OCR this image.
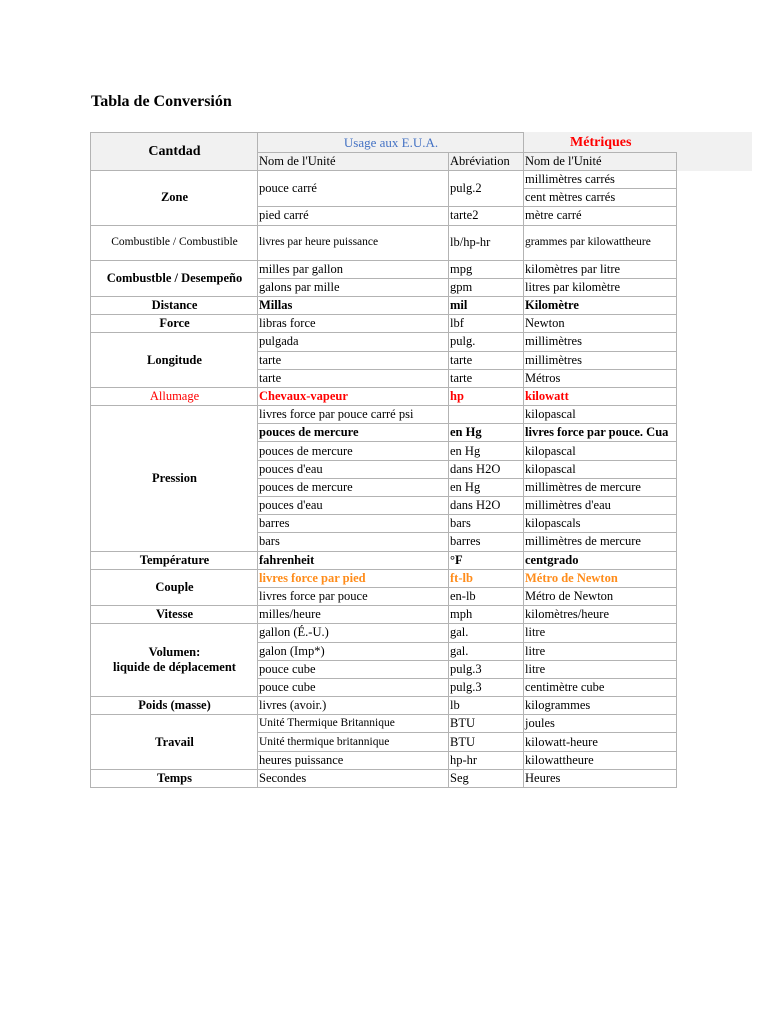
Tabla de Conversión
Cantdad	Usage aux E.U.A.		Métriques
	Nom de l'Unité	Abréviation	Nom de l'Unité
Zone	pouce carré	pulg.2	millimètres carrés
			cent mètres carrés
	pied carré	tarte2	mètre carré
Combustible / Combustible	livres par heure puissance	lb/hp-hr	grammes par kilowattheure
Combustble / Desempeño	milles par gallon	mpg	kilomètres par litre
	galons par mille	gpm	litres par kilomètre
Distance	Millas	mil	Kilomètre
Force	libras force	lbf	Newton
Longitude	pulgada	pulg.	millimètres
	tarte	tarte	millimètres
	tarte	tarte	Métros
Allumage	Chevaux-vapeur	hp	kilowatt
Pression	livres force par pouce carré psi		kilopascal
	pouces de mercure	en Hg	livres force par pouce. Cua
	pouces de mercure	en Hg	kilopascal
	pouces d'eau	dans H2O	kilopascal
	pouces de mercure	en Hg	millimètres de mercure
	pouces d'eau	dans H2O	millimètres d'eau
	barres	bars	kilopascals
	bars	barres	millimètres de mercure
Température	fahrenheit	°F	centgrado
Couple	livres force par pied	ft-lb	Métro de Newton
	livres force par pouce	en-lb	Métro de Newton
Vitesse	milles/heure	mph	kilomètres/heure

Volumen:
liquide de déplacement	gallon (É.-U.)	gal.	litre
	galon (Imp*)	gal.	litre
	pouce cube	pulg.3	litre
	pouce cube	pulg.3	centimètre cube
Poids (masse)	livres (avoir.)	lb	kilogrammes
Travail	Unité Thermique Britannique	BTU	joules
	Unité thermique britannique	BTU	kilowatt-heure
	heures puissance	hp-hr	kilowattheure
Temps	Secondes	Seg	Heures
